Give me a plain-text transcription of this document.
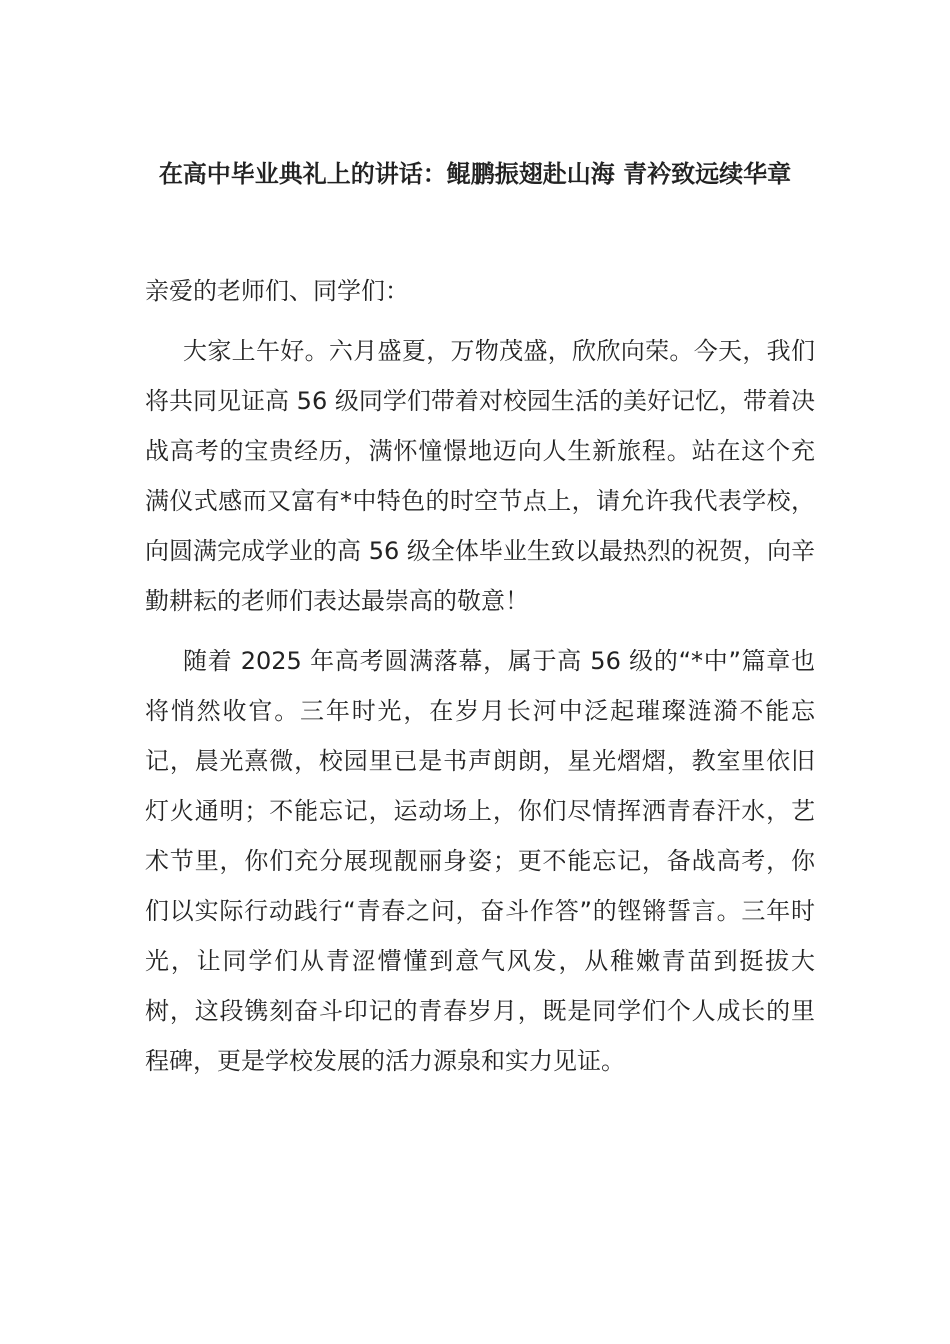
在高中毕业典礼上的讲话：鲲鹏振翅赴山海 青衿致远续华章

亲爱的老师们、同学们：

大家上午好。六月盛夏，万物茂盛，欣欣向荣。今天，我们将共同见证高 56 级同学们带着对校园生活的美好记忆，带着决战高考的宝贵经历，满怀憧憬地迈向人生新旅程。站在这个充满仪式感而又富有*中特色的时空节点上，请允许我代表学校，向圆满完成学业的高 56 级全体毕业生致以最热烈的祝贺，向辛勤耕耘的老师们表达最崇高的敬意！

随着 2025 年高考圆满落幕，属于高 56 级的“*中”篇章也将悄然收官。三年时光，在岁月长河中泛起璀璨涟漪不能忘记，晨光熹微，校园里已是书声朗朗，星光熠熠，教室里依旧灯火通明；不能忘记，运动场上，你们尽情挥洒青春汗水，艺术节里，你们充分展现靓丽身姿；更不能忘记，备战高考，你们以实际行动践行“青春之问，奋斗作答”的铿锵誓言。三年时光，让同学们从青涩懵懂到意气风发，从稚嫩青苗到挺拔大树，这段镌刻奋斗印记的青春岁月，既是同学们个人成长的里程碑，更是学校发展的活力源泉和实力见证。
